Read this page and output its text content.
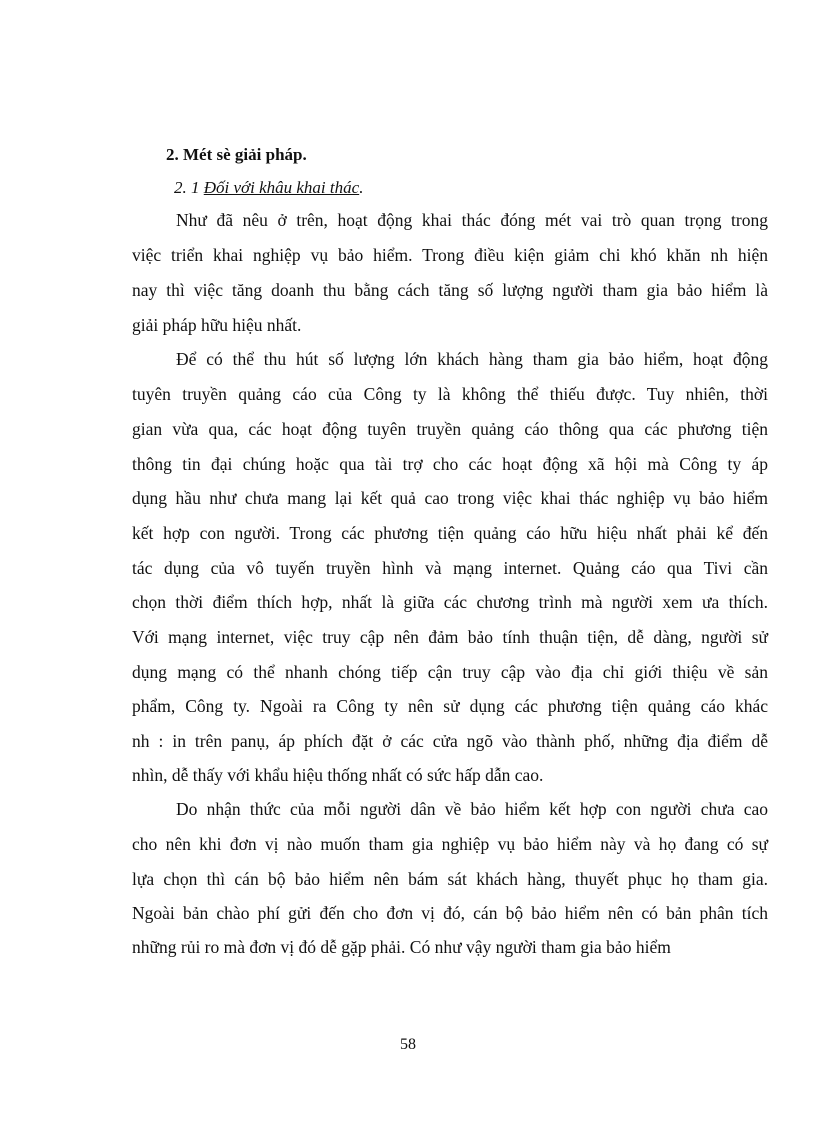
2. Mét sè giải pháp.
2. 1 Đối với khâu khai thác.
Như đã nêu ở trên, hoạt động khai thác đóng mét vai trò quan trọng trong
việc triển khai nghiệp vụ bảo hiểm. Trong điều kiện giảm chi khó khăn nh hiện
nay thì việc tăng doanh thu bằng cách tăng số lượng người tham gia bảo hiểm là
giải pháp hữu hiệu nhất.
Để có thể thu hút số lượng lớn khách hàng tham gia bảo hiểm, hoạt động
tuyên truyền quảng cáo của Công ty là không thể thiếu được. Tuy nhiên, thời
gian vừa qua, các hoạt động tuyên truyền quảng cáo thông qua các phương tiện
thông tin đại chúng hoặc qua tài trợ cho các hoạt động xã hội mà Công ty áp
dụng hầu như chưa mang lại kết quả cao trong việc khai thác nghiệp vụ bảo hiểm
kết hợp con người. Trong các phương tiện quảng cáo hữu hiệu nhất phải kể đến
tác dụng của vô tuyến truyền hình và mạng internet. Quảng cáo qua Tivi cần
chọn thời điểm thích hợp, nhất là giữa các chương trình mà người xem ưa thích.
Với mạng internet, việc truy cập nên đảm bảo tính thuận tiện, dễ dàng, người sử
dụng mạng có thể nhanh chóng tiếp cận truy cập vào địa chỉ giới thiệu về sản
phẩm, Công ty. Ngoài ra Công ty nên sử dụng các phương tiện quảng cáo khác
nh : in trên panụ, áp phích đặt ở các cửa ngõ vào thành phố, những địa điểm dễ
nhìn, dễ thấy với khẩu hiệu thống nhất có sức hấp dẫn cao.
Do nhận thức của mỗi người dân về bảo hiểm kết hợp con người chưa cao
cho nên khi đơn vị nào muốn tham gia nghiệp vụ bảo hiểm này và họ đang có sự
lựa chọn thì cán bộ bảo hiểm nên bám sát khách hàng, thuyết phục họ tham gia.
Ngoài bản chào phí gửi đến cho đơn vị đó, cán bộ bảo hiểm nên có bản phân tích
những rủi ro mà đơn vị đó dễ gặp phải. Có như vậy người tham gia bảo hiểm
58
